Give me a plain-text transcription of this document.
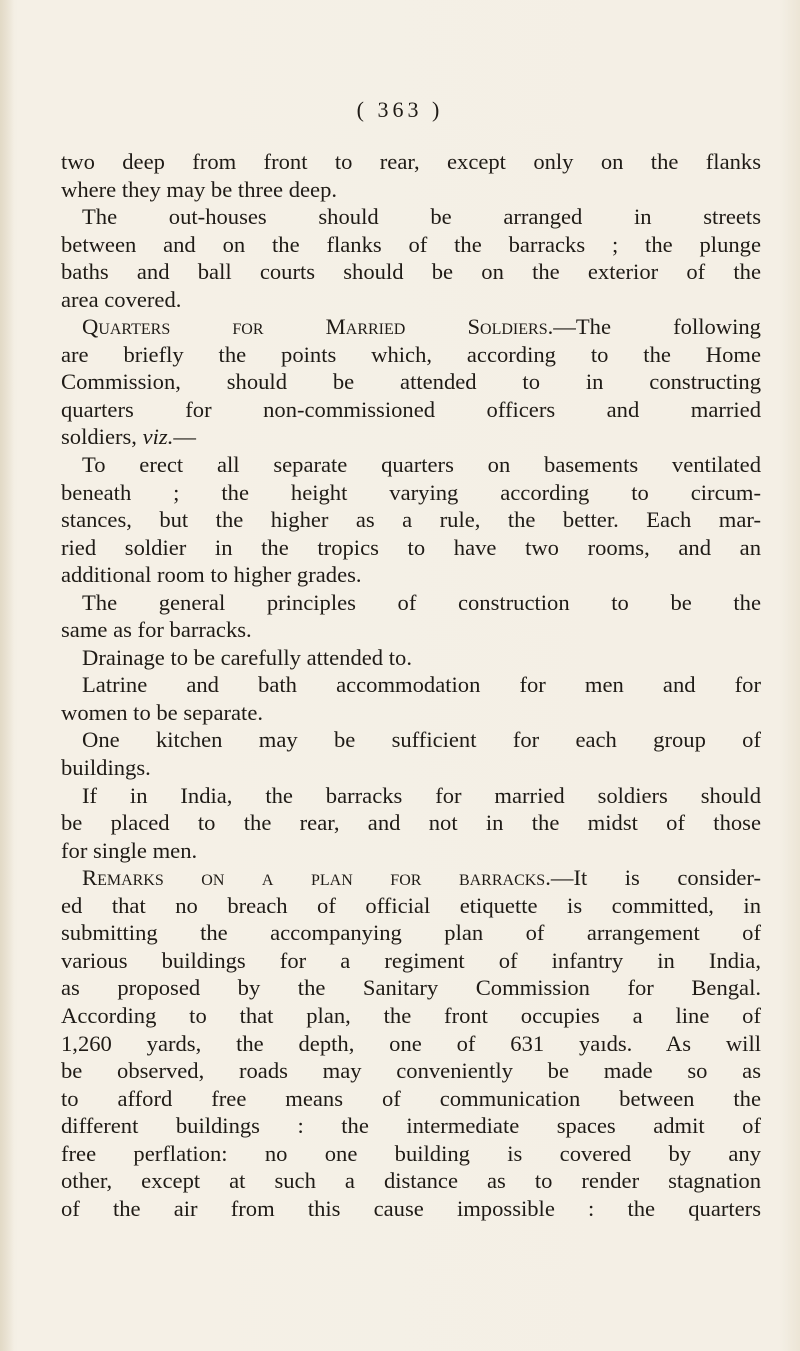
( 363 )
two deep from front to rear, except only on the flanks
where they may be three deep.
The out-houses should be arranged in streets
between and on the flanks of the barracks ; the plunge
baths and ball courts should be on the exterior of the
area covered.
Quarters for Married Soldiers.—The following
are briefly the points which, according to the Home
Commission, should be attended to in constructing
quarters for non-commissioned officers and married
soldiers, viz.—
To erect all separate quarters on basements ventilated
beneath ; the height varying according to circum-
stances, but the higher as a rule, the better. Each mar-
ried soldier in the tropics to have two rooms, and an
additional room to higher grades.
The general principles of construction to be the
same as for barracks.
Drainage to be carefully attended to.
Latrine and bath accommodation for men and for
women to be separate.
One kitchen may be sufficient for each group of
buildings.
If in India, the barracks for married soldiers should
be placed to the rear, and not in the midst of those
for single men.
Remarks on a plan for barracks.—It is consider-
ed that no breach of official etiquette is committed, in
submitting the accompanying plan of arrangement of
various buildings for a regiment of infantry in India,
as proposed by the Sanitary Commission for Bengal.
According to that plan, the front occupies a line of
1,260 yards, the depth, one of 631 yaıds. As will
be observed, roads may conveniently be made so as
to afford free means of communication between the
different buildings : the intermediate spaces admit of
free perflation: no one building is covered by any
other, except at such a distance as to render stagnation
of the air from this cause impossible : the quarters
